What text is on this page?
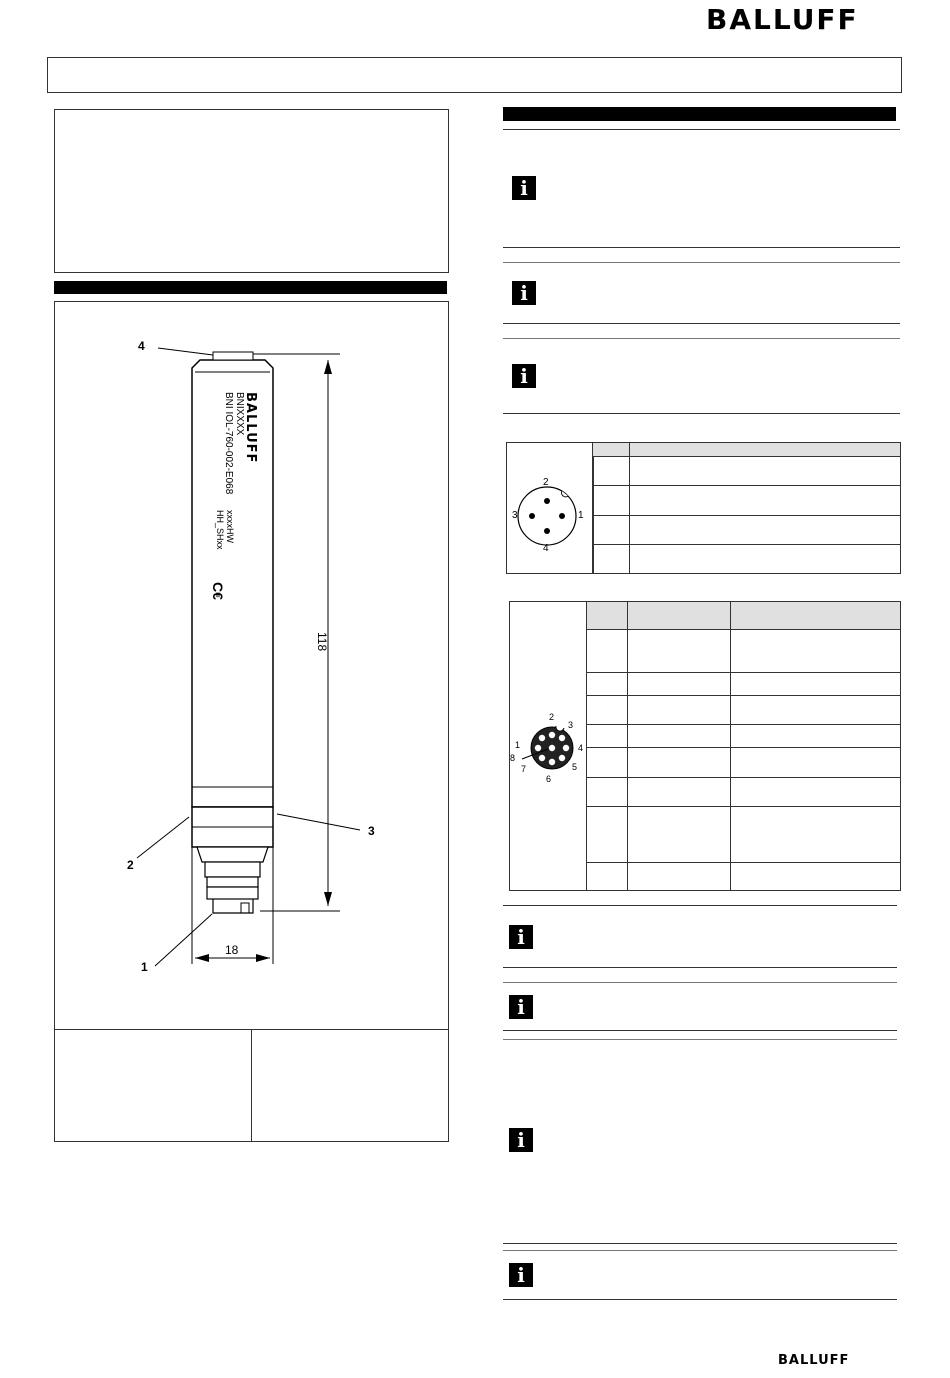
BALLUFF
C€
4
2
3
1
118
18
BALLUFF
BNIXXXX
BNI IOL-760-002-E068
xxxxHW
HH_SHxx
i
i
i
2
3	1
4

2
3
1	4
8
5
7
6

i
i
i
i
BALLUFF
